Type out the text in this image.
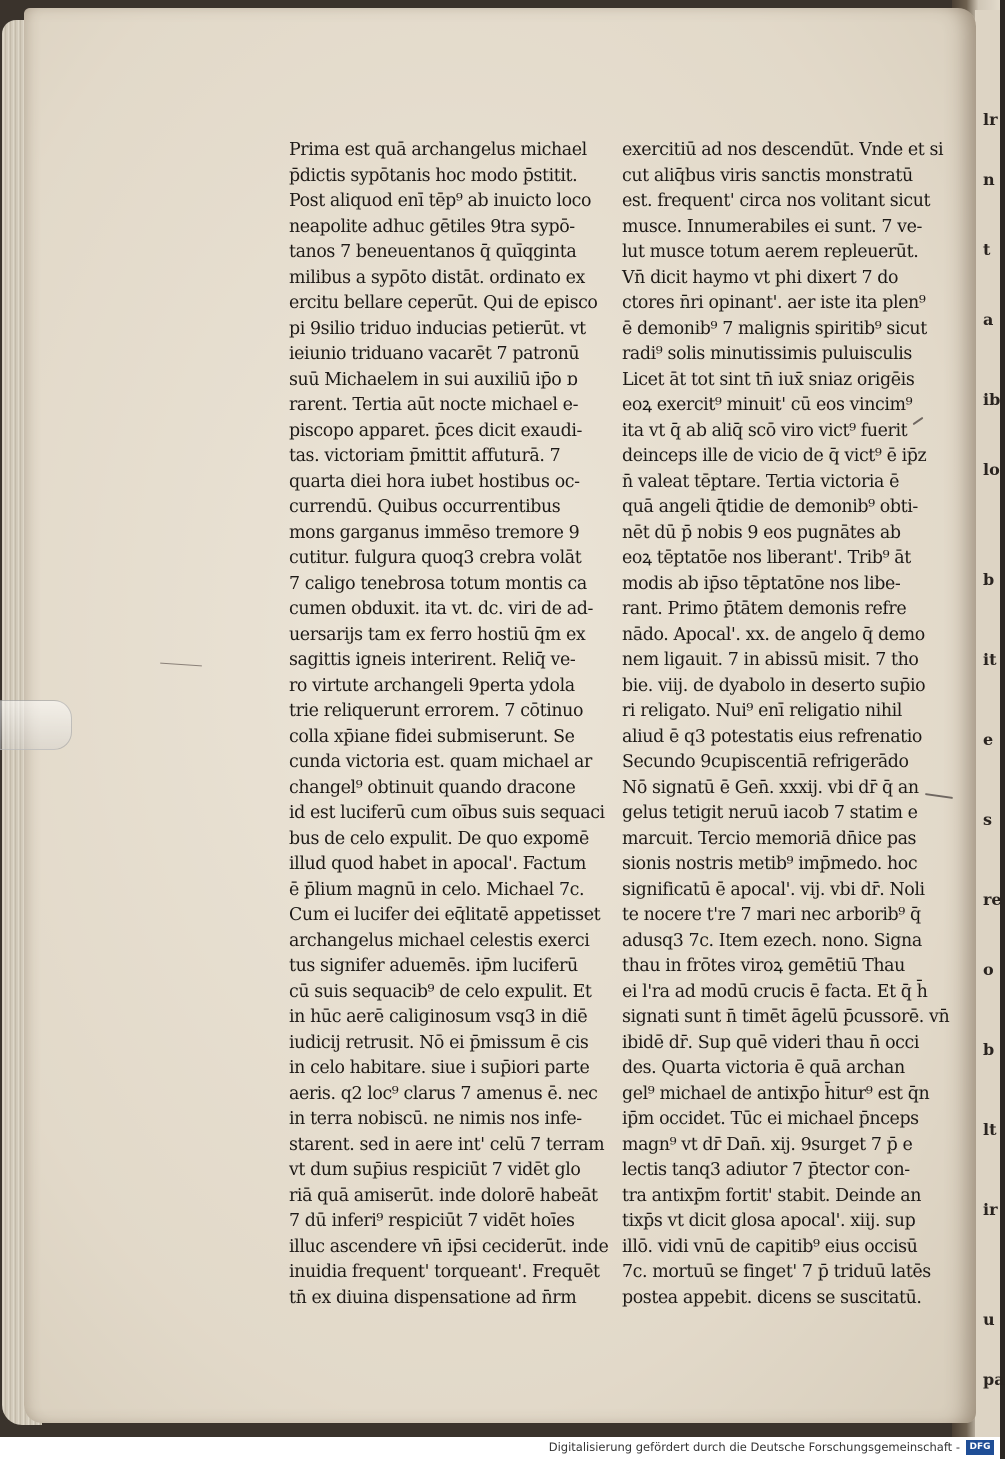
lr
n
t
a
ib
lo
b
it
e
s
re
o
b
lt
ir
u
pa
Prima est quā archangelus michael
p̄dictis sypōtanis hoc modo p̄stitit.
Post aliquod enī tēp⁹ ab inuicto loco
neapolite adhuc gētiles 9tra sypō-
tanos 7 beneuentanos q̄ quīqginta
milibus a sypōto distāt. ordinato ex
ercitu bellare ceperūt. Qui de episco
pi 9silio triduo inducias petierūt. vt
ieiunio triduano vacarēt 7 patronū
suū Michaelem in sui auxiliū ip̄o ɒ
rarent. Tertia aūt nocte michael e-
piscopo apparet. p̄ces dicit exaudi-
tas. victoriam p̄mittit affuturā. 7
quarta diei hora iubet hostibus oc-
currendū. Quibus occurrentibus
mons garganus immēso tremore 9
cutitur. fulgura quoq3 crebra volāt
7 caligo tenebrosa totum montis ca
cumen obduxit. ita vt. dc. viri de ad-
uersarijs tam ex ferro hostiū q̄m ex
sagittis igneis interirent. Reliq̄ ve-
ro virtute archangeli 9perta ydola
trie reliquerunt errorem. 7 cōtinuo
colla xp̄iane fidei submiserunt. Se
cunda victoria est. quam michael ar
changel⁹ obtinuit quando dracone
id est luciferū cum oībus suis sequaci
bus de celo expulit. De quo expomē
illud quod habet in apocal'. Factum
ē p̄lium magnū in celo. Michael 7c.
Cum ei lucifer dei eq̄litatē appetisset
archangelus michael celestis exerci
tus signifer aduemēs. ip̄m luciferū
cū suis sequacib⁹ de celo expulit. Et
in hūc aerē caliginosum vsq3 in diē
iudicij retrusit. Nō ei p̄missum ē cis
in celo habitare. siue i sup̄iori parte
aeris. q2 loc⁹ clarus 7 amenus ē. nec
in terra nobiscū. ne nimis nos infe-
starent. sed in aere int' celū 7 terram
vt dum sup̄ius respiciūt 7 vidēt glo
riā quā amiserūt. inde dolorē habeāt
7 dū inferi⁹ respiciūt 7 vidēt hoīes
illuc ascendere vn̄ ip̄si ceciderūt. inde
inuidia frequent' torqueant'. Frequēt
tn̄ ex diuina dispensatione ad n̄rm
exercitiū ad nos descendūt. Vnde et si
cut aliq̄bus viris sanctis monstratū
est. frequent' circa nos volitant sicut
musce. Innumerabiles ei sunt. 7 ve-
lut musce totum aerem repleuerūt.
Vn̄ dicit haymo vt phi dixert 7 do
ctores n̄ri opinant'. aer iste ita plen⁹
ē demonib⁹ 7 malignis spiritib⁹ sicut
radi⁹ solis minutissimis puluisculis
Licet āt tot sint tn̄ iux̄ sniaz origēis
eoꝝ exercit⁹ minuit' cū eos vincim⁹
ita vt q̄ ab aliq̄ scō viro vict⁹ fuerit
deinceps ille de vicio de q̄ vict⁹ ē ip̄z
n̄ valeat tēptare. Tertia victoria ē
quā angeli q̄tidie de demonib⁹ obti-
nēt dū p̄ nobis 9 eos pugnātes ab
eoꝝ tēptatōe nos liberant'. Trib⁹ āt
modis ab ip̄so tēptatōne nos libe-
rant. Primo p̄tātem demonis refre
nādo. Apocal'. xx. de angelo q̄ demo
nem ligauit. 7 in abissū misit. 7 tho
bie. viij. de dyabolo in deserto sup̄io
ri religato. Nui⁹ enī religatio nihil
aliud ē q3 potestatis eius refrenatio
Secundo 9cupiscentiā refrigerādo
Nō signatū ē Gen̄. xxxij. vbi dr̄ q̄ an
gelus tetigit neruū iacob 7 statim e
marcuit. Tercio memoriā dn̄ice pas
sionis nostris metib⁹ imp̄medo. hoc
significatū ē apocal'. vij. vbi dr̄. Noli
te nocere t're 7 mari nec arborib⁹ q̄
adusq3 7c. Item ezech. nono. Signa
thau in frōtes viroꝝ gemētiū Thau
ei l'ra ad modū crucis ē facta. Et q̄ h̄
signati sunt n̄ timēt āgelū p̄cussorē. vn̄
ibidē dr̄. Sup quē videri thau n̄ occi
des. Quarta victoria ē quā archan
gel⁹ michael de antixp̄o h̄itur⁹ est q̄n
ip̄m occidet. Tūc ei michael p̄nceps
magn⁹ vt dr̄ Dan̄. xij. 9surget 7 p̄ e
lectis tanq3 adiutor 7 p̄tector con-
tra antixp̄m fortit' stabit. Deinde an
tixp̄s vt dicit glosa apocal'. xiij. sup
illō. vidi vnū de capitib⁹ eius occisū
7c. mortuū se finget' 7 p̄ triduū latēs
postea appebit. dicens se suscitatū.
Digitalisierung gefördert durch die Deutsche Forschungsgemeinschaft -	DFG
